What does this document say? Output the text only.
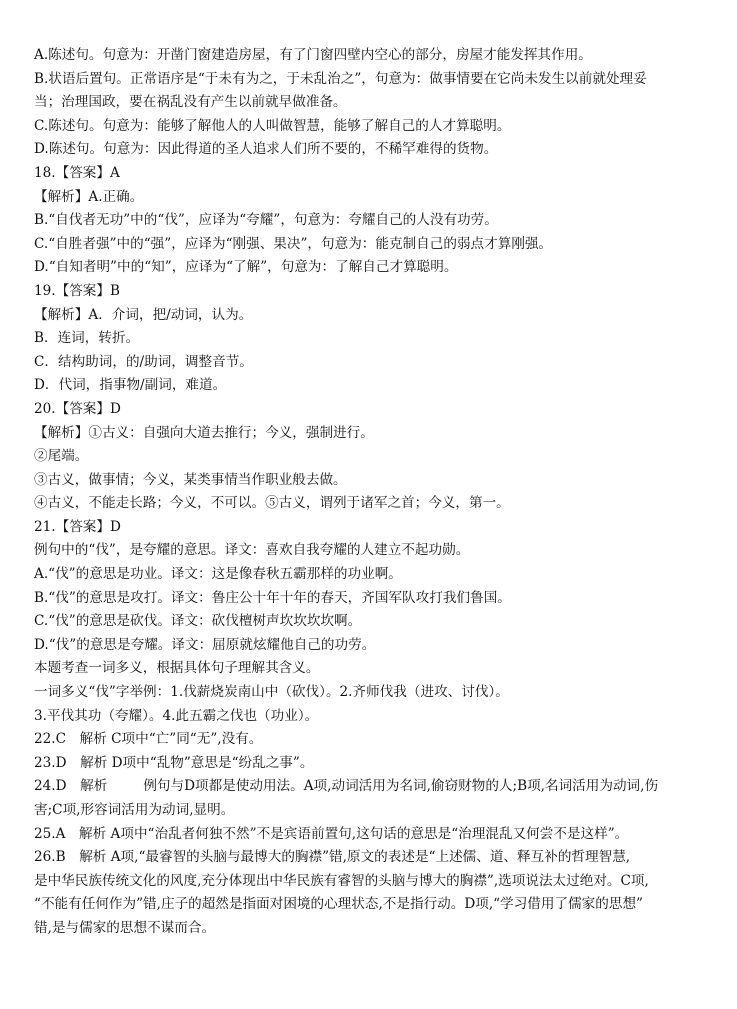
A.陈述句。句意为：开凿门窗建造房屋，有了门窗四壁内空心的部分，房屋才能发挥其作用。
B.状语后置句。正常语序是“于未有为之，于未乱治之”，句意为：做事情要在它尚未发生以前就处理妥
当；治理国政，要在祸乱没有产生以前就早做准备。
C.陈述句。句意为：能够了解他人的人叫做智慧，能够了解自己的人才算聪明。
D.陈述句。句意为：因此得道的圣人追求人们所不要的，不稀罕难得的货物。
18.【答案】A
【解析】A.正确。
B.“自伐者无功”中的“伐”，应译为“夸耀”，句意为：夸耀自己的人没有功劳。
C.“自胜者强”中的“强”，应译为“刚强、果决”，句意为：能克制自己的弱点才算刚强。
D.“自知者明”中的“知”，应译为“了解”，句意为：了解自己才算聪明。
19.【答案】B
【解析】A．介词，把/动词，认为。
B．连词，转折。
C．结构助词，的/助词，调整音节。
D．代词，指事物/副词，难道。
20.【答案】D
【解析】①古义：自强向大道去推行；今义，强制进行。
②尾端。
③古义，做事情；今义，某类事情当作职业般去做。
④古义，不能走长路；今义，不可以。⑤古义，谓列于诸军之首；今义，第一。
21.【答案】D
例句中的“伐”，是夸耀的意思。译文：喜欢自我夸耀的人建立不起功勋。
A.“伐”的意思是功业。译文：这是像春秋五霸那样的功业啊。
B.“伐”的意思是攻打。译文：鲁庄公十年十年的春天，齐国军队攻打我们鲁国。
C.“伐”的意思是砍伐。译文：砍伐檀树声坎坎坎坎啊。
D.“伐”的意思是夸耀。译文：屈原就炫耀他自己的功劳。
本题考查一词多义，根据具体句子理解其含义。
一词多义“伐”字举例：1.伐薪烧炭南山中（砍伐）。2.齐师伐我（进攻、讨伐）。
3.平伐其功（夸耀）。4.此五霸之伐也（功业）。
22.C　解析 C项中“亡”同“无”,没有。
23.D　解析 D项中“乱物”意思是“纷乱之事”。
24.D　解析	例句与D项都是使动用法。A项,动词活用为名词,偷窃财物的人;B项,名词活用为动词,伤
害;C项,形容词活用为动词,显明。
25.A　解析 A项中“治乱者何独不然”不是宾语前置句,这句话的意思是“治理混乱又何尝不是这样”。
26.B　解析 A项,“最睿智的头脑与最博大的胸襟”错,原文的表述是“上述儒、道、释互补的哲理智慧,
是中华民族传统文化的风度,充分体现出中华民族有睿智的头脑与博大的胸襟”,选项说法太过绝对。C项,
“不能有任何作为”错,庄子的超然是指面对困境的心理状态,不是指行动。D项,“学习借用了儒家的思想”
错,是与儒家的思想不谋而合。
